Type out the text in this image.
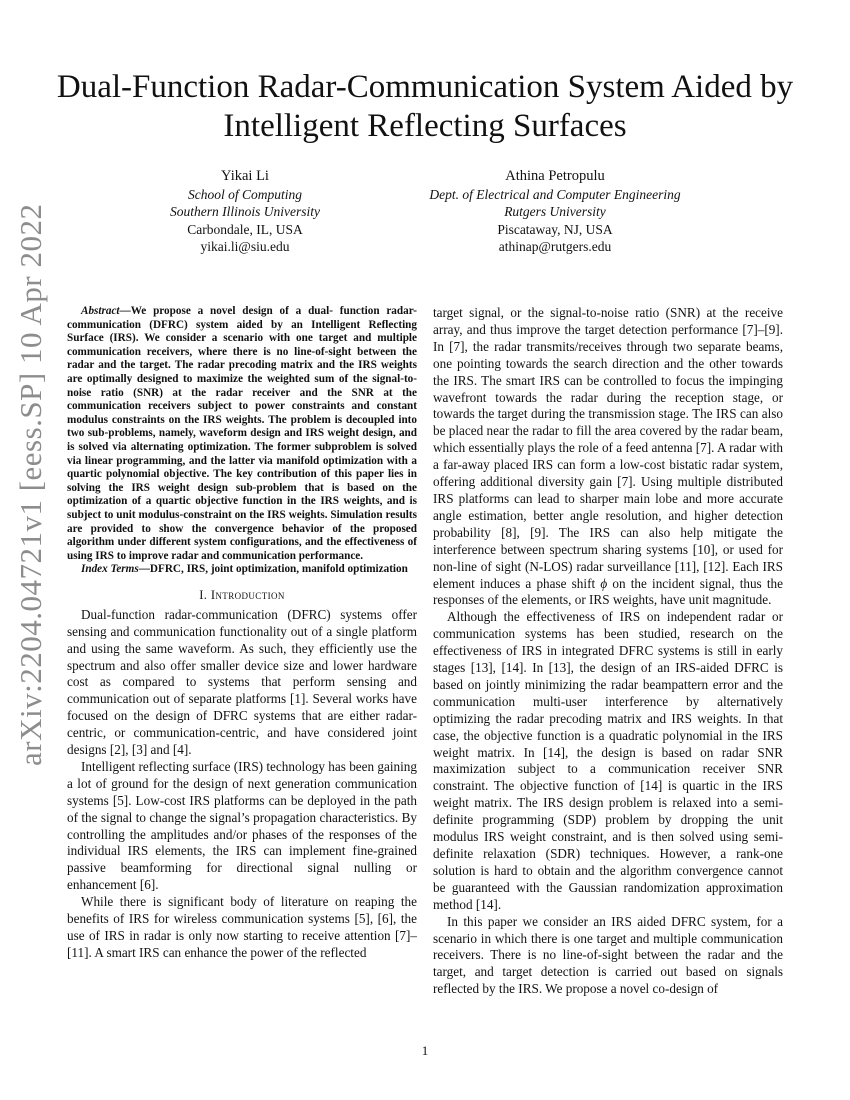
arXiv:2204.04721v1 [eess.SP] 10 Apr 2022
Dual-Function Radar-Communication System Aided by Intelligent Reflecting Surfaces
Yikai Li
School of Computing
Southern Illinois University
Carbondale, IL, USA
yikai.li@siu.edu
Athina Petropulu
Dept. of Electrical and Computer Engineering
Rutgers University
Piscataway, NJ, USA
athinap@rutgers.edu

Abstract—We propose a novel design of a dual- function radar-communication (DFRC) system aided by an Intelligent Reflecting Surface (IRS). We consider a scenario with one target and multiple communication receivers, where there is no line-of-sight between the radar and the target. The radar precoding matrix and the IRS weights are optimally designed to maximize the weighted sum of the signal-to-noise ratio (SNR) at the radar receiver and the SNR at the communication receivers subject to power constraints and constant modulus constraints on the IRS weights. The problem is decoupled into two sub-problems, namely, waveform design and IRS weight design, and is solved via alternating optimization. The former subproblem is solved via linear programming, and the latter via manifold optimization with a quartic polynomial objective. The key contribution of this paper lies in solving the IRS weight design sub-problem that is based on the optimization of a quartic objective function in the IRS weights, and is subject to unit modulus-constraint on the IRS weights. Simulation results are provided to show the convergence behavior of the proposed algorithm under different system configurations, and the effectiveness of using IRS to improve radar and communication performance.

Index Terms—DFRC, IRS, joint optimization, manifold optimization

I. Introduction

Dual-function radar-communication (DFRC) systems offer sensing and communication functionality out of a single platform and using the same waveform. As such, they efficiently use the spectrum and also offer smaller device size and lower hardware cost as compared to systems that perform sensing and communication out of separate platforms [1]. Several works have focused on the design of DFRC systems that are either radar-centric, or communication-centric, and have considered joint designs [2], [3] and [4].

Intelligent reflecting surface (IRS) technology has been gaining a lot of ground for the design of next generation communication systems [5]. Low-cost IRS platforms can be deployed in the path of the signal to change the signal’s propagation characteristics. By controlling the amplitudes and/or phases of the responses of the individual IRS elements, the IRS can implement fine-grained passive beamforming for directional signal nulling or enhancement [6].

While there is significant body of literature on reaping the benefits of IRS for wireless communication systems [5], [6], the use of IRS in radar is only now starting to receive attention [7]–[11]. A smart IRS can enhance the power of the reflected

target signal, or the signal-to-noise ratio (SNR) at the receive array, and thus improve the target detection performance [7]–[9]. In [7], the radar transmits/receives through two separate beams, one pointing towards the search direction and the other towards the IRS. The smart IRS can be controlled to focus the impinging wavefront towards the radar during the reception stage, or towards the target during the transmission stage. The IRS can also be placed near the radar to fill the area covered by the radar beam, which essentially plays the role of a feed antenna [7]. A radar with a far-away placed IRS can form a low-cost bistatic radar system, offering additional diversity gain [7]. Using multiple distributed IRS platforms can lead to sharper main lobe and more accurate angle estimation, better angle resolution, and higher detection probability [8], [9]. The IRS can also help mitigate the interference between spectrum sharing systems [10], or used for non-line of sight (N-LOS) radar surveillance [11], [12]. Each IRS element induces a phase shift ϕ on the incident signal, thus the responses of the elements, or IRS weights, have unit magnitude.

Although the effectiveness of IRS on independent radar or communication systems has been studied, research on the effectiveness of IRS in integrated DFRC systems is still in early stages [13], [14]. In [13], the design of an IRS-aided DFRC is based on jointly minimizing the radar beampattern error and the communication multi-user interference by alternatively optimizing the radar precoding matrix and IRS weights. In that case, the objective function is a quadratic polynomial in the IRS weight matrix. In [14], the design is based on radar SNR maximization subject to a communication receiver SNR constraint. The objective function of [14] is quartic in the IRS weight matrix. The IRS design problem is relaxed into a semi-definite programming (SDP) problem by dropping the unit modulus IRS weight constraint, and is then solved using semi-definite relaxation (SDR) techniques. However, a rank-one solution is hard to obtain and the algorithm convergence cannot be guaranteed with the Gaussian randomization approximation method [14].

In this paper we consider an IRS aided DFRC system, for a scenario in which there is one target and multiple communication receivers. There is no line-of-sight between the radar and the target, and target detection is carried out based on signals reflected by the IRS. We propose a novel co-design of

1
